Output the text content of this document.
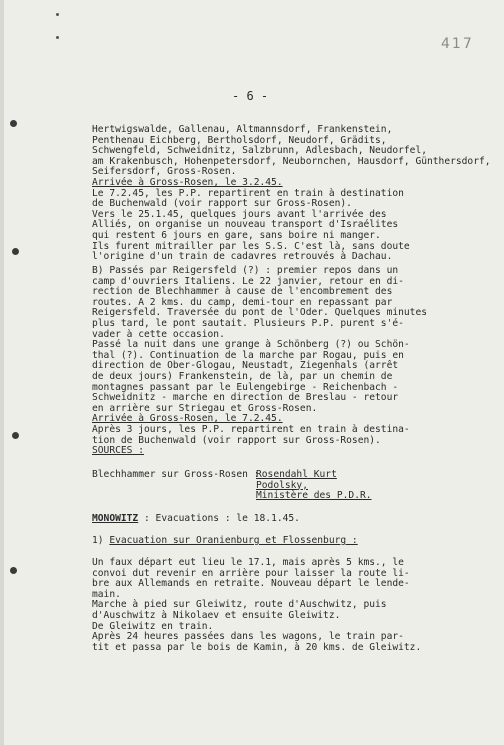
417
- 6 -
Hertwigswalde, Gallenau, Altmannsdorf, Frankenstein,
Penthenau Eichberg, Bertholsdorf, Neudorf, Grädits,
Schwengfeld, Schweidnitz, Salzbrunn, Adlesbach, Neudorfel,
am Krakenbusch, Hohenpetersdorf, Neubornchen, Hausdorf, Günthersdorf, Seifersdorf, Gross-Rosen.
Arrivée à Gross-Rosen, le 3.2.45.
Le 7.2.45, les P.P. repartirent en train à destination
de Buchenwald (voir rapport sur Gross-Rosen).
Vers le 25.1.45, quelques jours avant l'arrivée des
Alliés, on organise un nouveau transport d'Israélites
qui restent 6 jours en gare, sans boire ni manger.
Ils furent mitrailler par les S.S. C'est là, sans doute
l'origine d'un train de cadavres retrouvés à Dachau.
B) Passés par Reigersfeld (?) : premier repos dans un
camp d'ouvriers Italiens. Le 22 janvier, retour en di-
rection de Blechhammer à cause de l'encombrement des
routes. A 2 kms. du camp, demi-tour en repassant par
Reigersfeld. Traversée du pont de l'Oder. Quelques minutes
plus tard, le pont sautait. Plusieurs P.P. purent s'é-
vader à cette occasion.
Passé la nuit dans une grange à Schönberg (?) ou Schön-
thal (?). Continuation de la marche par Rogau, puis en
direction de Ober-Glogau, Neustadt, Ziegenhals (arrêt
de deux jours) Frankenstein, de là, par un chemin de
montagnes passant par le Eulengebirge - Reichenbach -
Schweidnitz - marche en direction de Breslau - retour
en arrière sur Striegau et Gross-Rosen.
Arrivée à Gross-Rosen, le 7.2.45.
Après 3 jours, les P.P. repartirent en train à destina-
tion de Buchenwald (voir rapport sur Gross-Rosen).
SOURCES :
Blechhammer sur Gross-Rosen :
Rosendahl Kurt
Podolsky,
Ministère des P.D.R.
MONOWITZ : Evacuations : le 18.1.45.
1) Evacuation sur Oranienburg et Flossenburg :
Un faux départ eut lieu le 17.1, mais après 5 kms., le
convoi dut revenir en arrière pour laisser la route li-
bre aux Allemands en retraite. Nouveau départ le lende-
main.
Marche à pied sur Gleiwitz, route d'Auschwitz, puis
d'Auschwitz à Nikolaev et ensuite Gleiwitz.
De Gleiwitz en train.
Après 24 heures passées dans les wagons, le train par-
tit et passa par le bois de Kamin, à 20 kms. de Gleiwitz.
